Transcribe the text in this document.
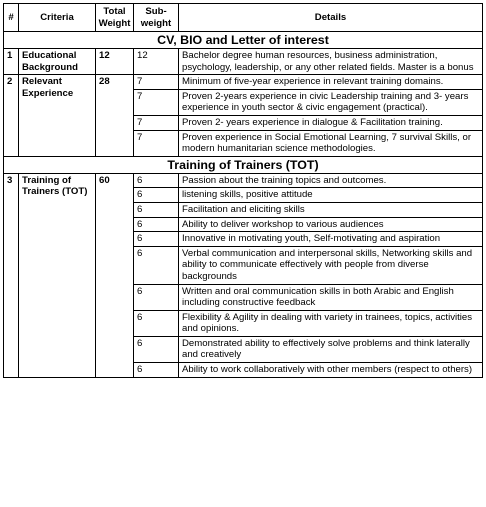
#	Criteria	Total Weight	Sub-weight	Details
CV, BIO and Letter of interest				
1	Educational Background	12	12	Bachelor degree human resources, business administration, psychology, leadership, or any other related fields. Master is a bonus
2	Relevant Experience	28	7	Minimum of five-year experience in relevant training domains.
			7	Proven 2-years experience in civic Leadership training and 3- years experience in youth sector & civic engagement (practical).
			7	Proven 2- years experience in dialogue & Facilitation training.
			7	Proven experience in Social Emotional Learning, 7 survival Skills, or modern humanitarian science methodologies.
Training of Trainers (TOT)				
3	Training of Trainers (TOT)	60	6	Passion about the training topics and outcomes.
			6	listening skills, positive attitude
			6	Facilitation and eliciting skills
			6	Ability to deliver workshop to various audiences
			6	Innovative in motivating youth, Self-motivating and aspiration
			6	Verbal communication and interpersonal skills, Networking skills and ability to communicate effectively with people from diverse backgrounds
			6	Written and oral communication skills in both Arabic and English including constructive feedback
			6	Flexibility & Agility in dealing with variety in trainees, topics, activities and opinions.
			6	Demonstrated ability to effectively solve problems and think laterally and creatively
			6	Ability to work collaboratively with other members (respect to others)
